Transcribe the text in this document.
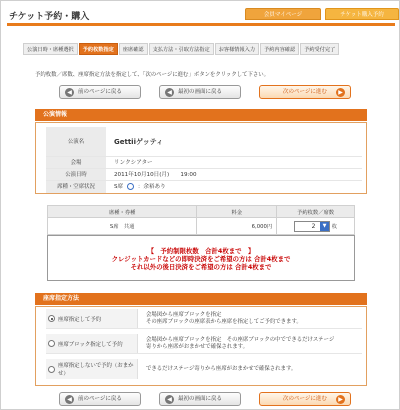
チケット予約・購入	会員マイページ	チケット購入予約
公演日時・席種選択	予約枚数指定	座席確認	支払方法・引取方法指定	お客様情報入力	予約内容確認	予約受付完了
予約枚数／席数、座席指定方法を指定して、「次のページに進む」ボタンをクリックして下さい。
◀	前のページに戻る	◀	最初の画面に戻る	次のページに進む	▶
公演情報
公演名	Gettiiゲッティ
会場	リンクシアター
公演日時	2011年10月10日(月)　　19:00
席種・空席状況	S席	：余裕あり
席種・券種	料金	予約枚数／席数
S席　共通	6,000円	2 ▼ 枚
【　予約制限枚数　合計4枚まで　】
クレジットカードなどの即時決済をご希望の方は 合計4枚まで
それ以外の後日決済をご希望の方は 合計4枚まで
座席指定方法
座席指定して予約
会場図から座席ブロックを指定
その座席ブロックの座席表から座席を指定してご予約できます。
座席ブロック指定して予約
会場図から座席ブロックを指定　その座席ブロックの中でできるだけステージ
寄りから座席がおまかせで確保されます。
座席指定しないで予約（おまかせ）
できるだけステージ寄りから座席がおまかせで確保されます。
◀	前のページに戻る	◀	最初の画面に戻る	次のページに進む	▶
